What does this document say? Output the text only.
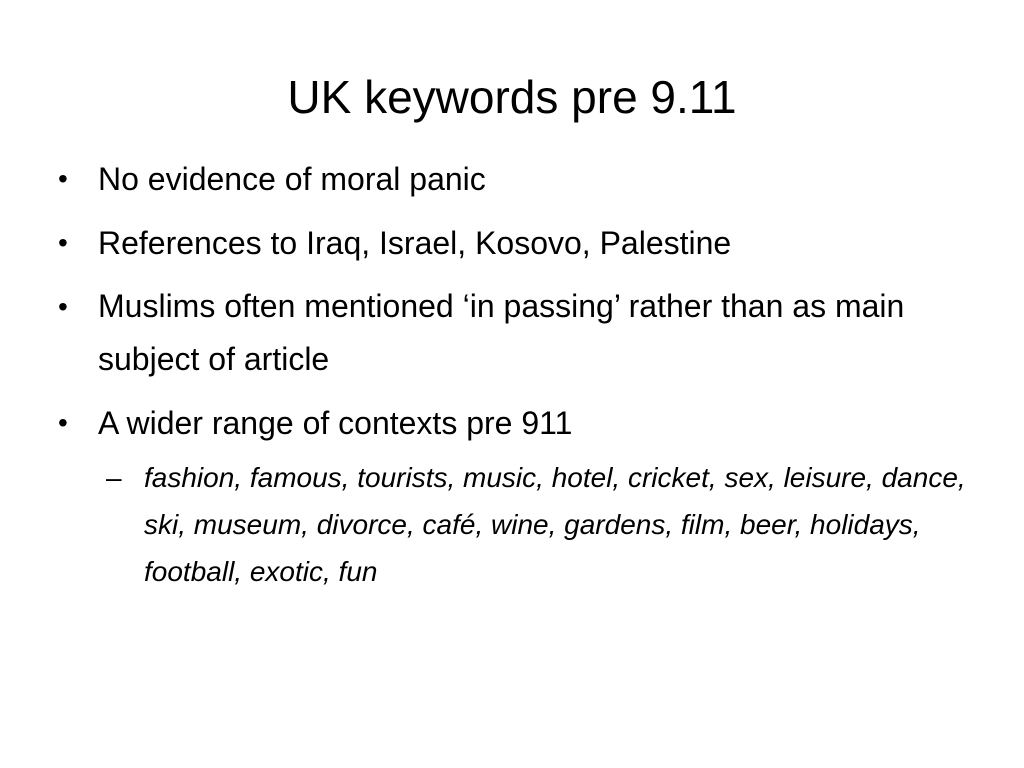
UK keywords pre 9.11
• No evidence of moral panic
• References to Iraq, Israel, Kosovo, Palestine
• Muslims often mentioned ‘in passing’ rather than as main subject of article
• A wider range of contexts pre 911
– fashion, famous, tourists, music, hotel, cricket, sex, leisure, dance, ski, museum, divorce, café, wine, gardens, film, beer, holidays, football, exotic, fun
